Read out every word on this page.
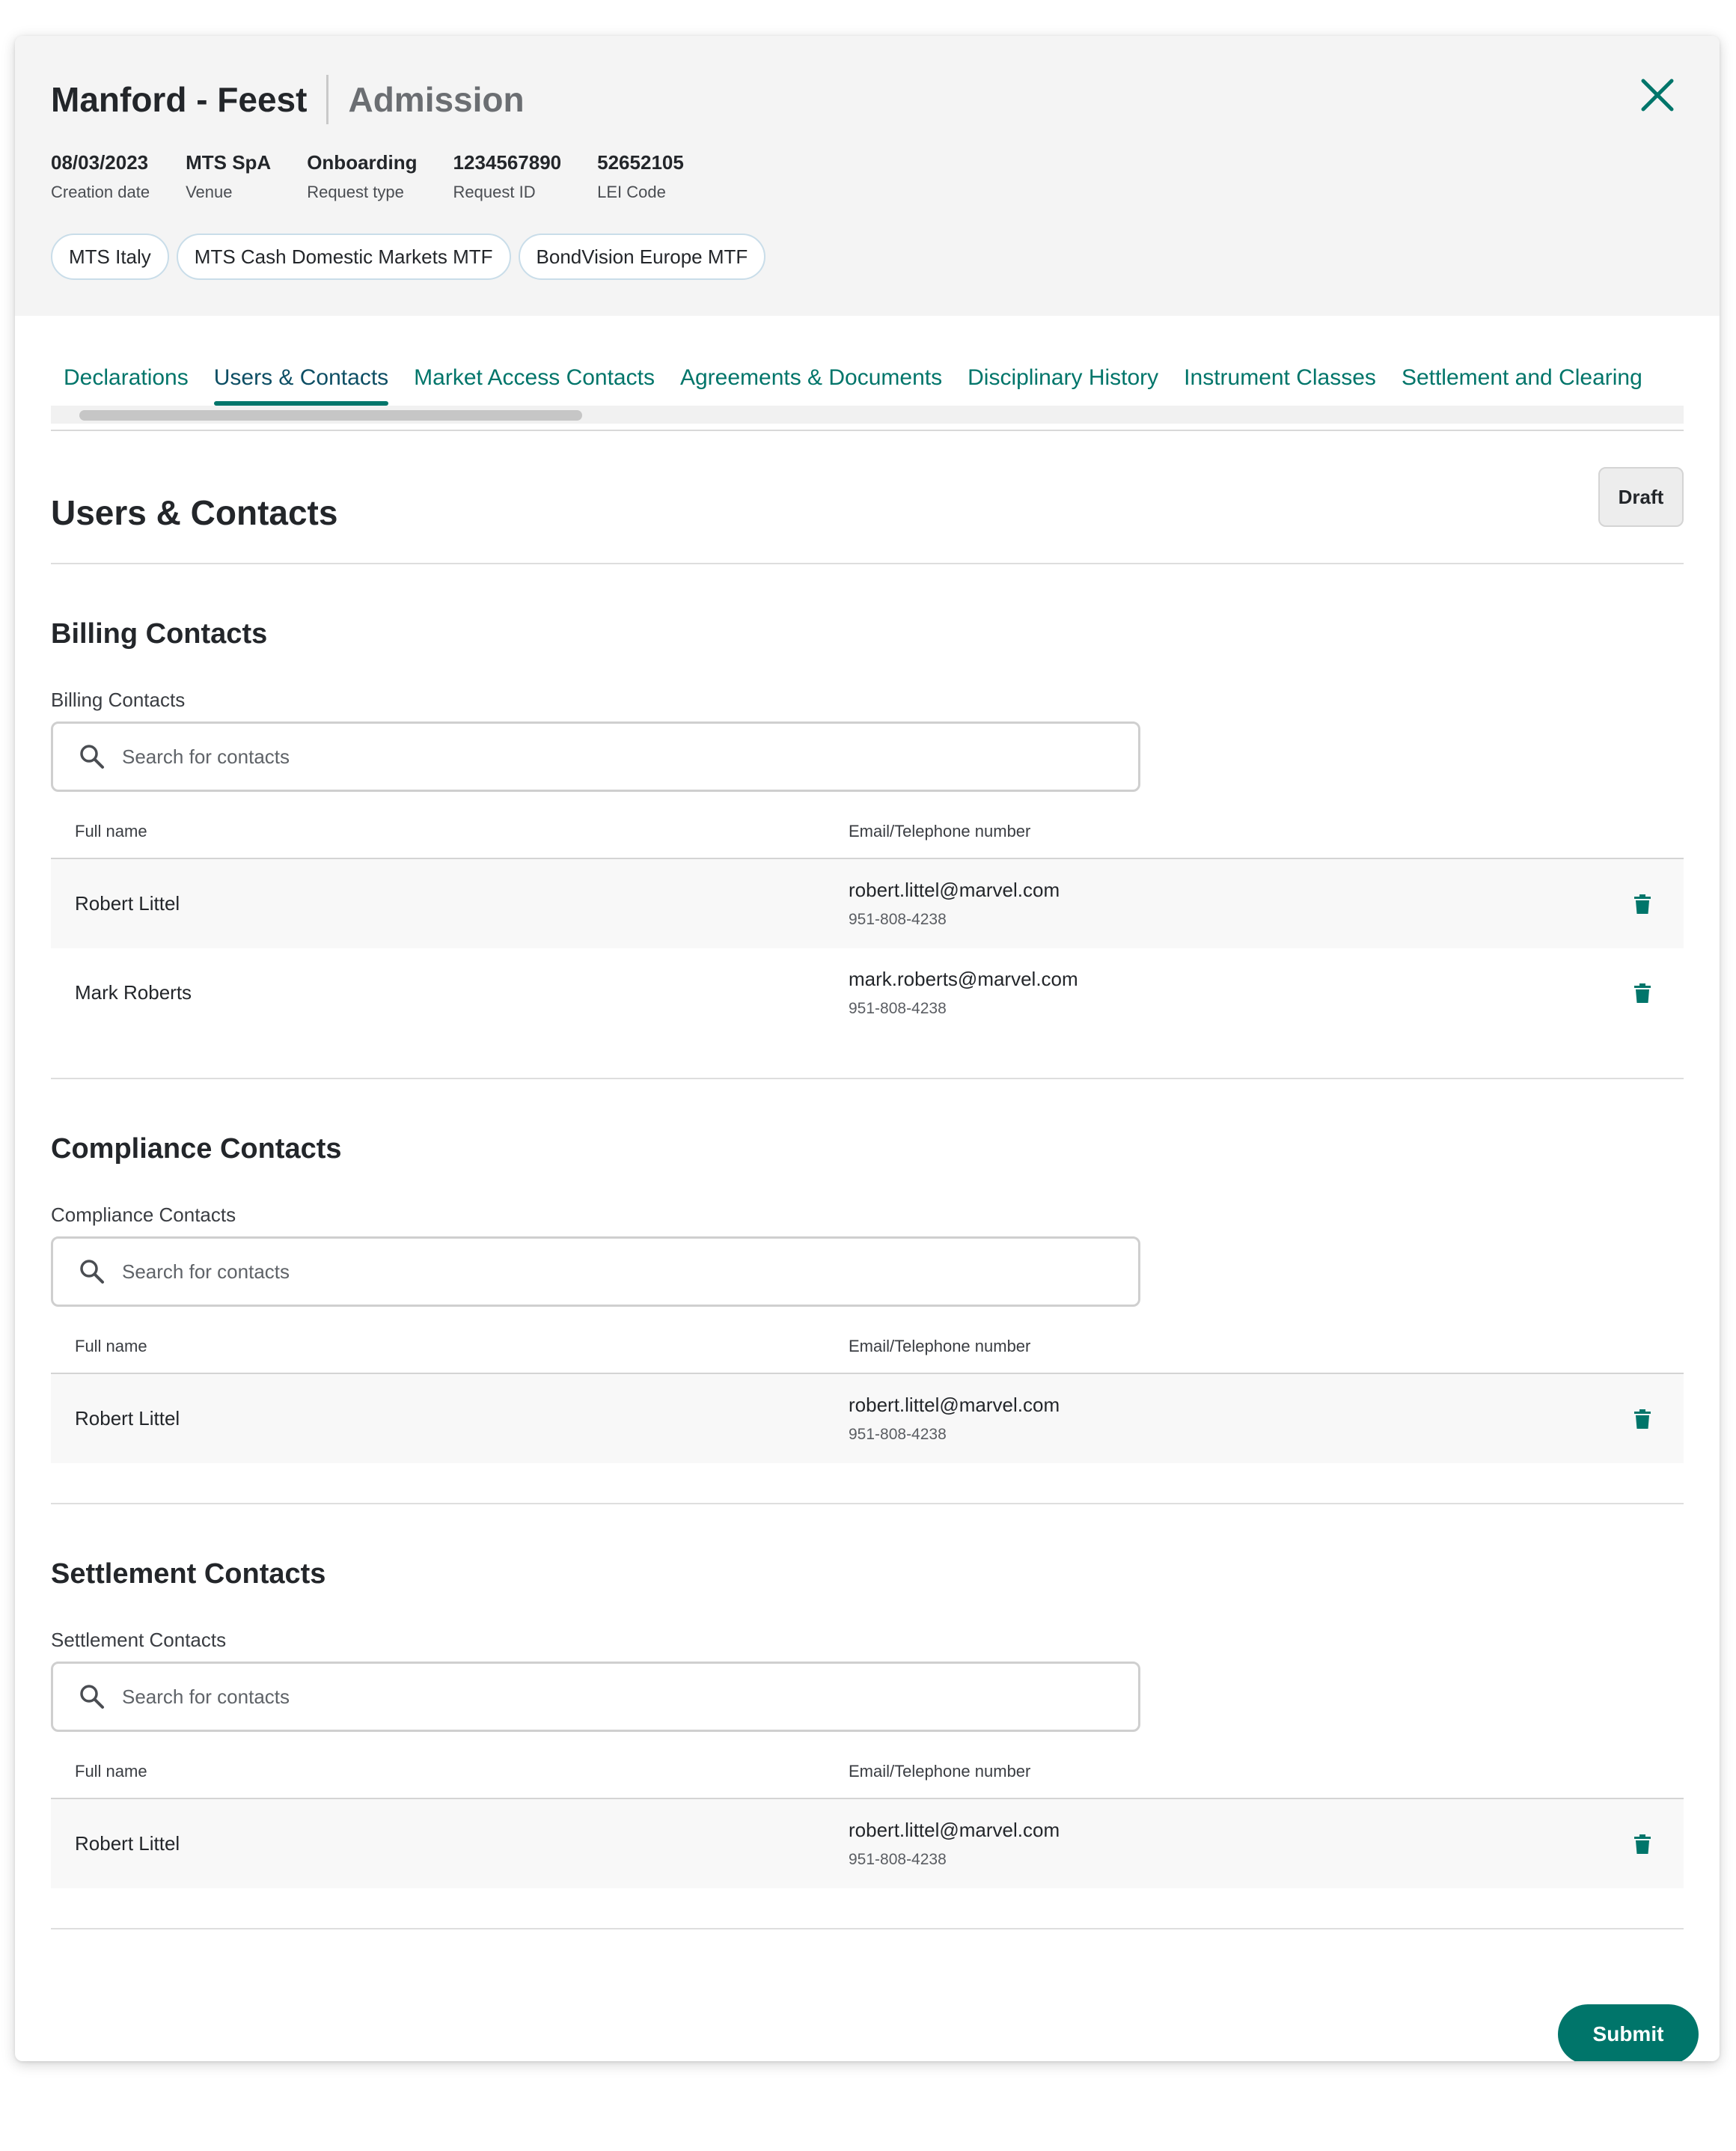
Manford - Feest Admission
08/03/2023
Creation date
MTS SpA
Venue
Onboarding
Request type
1234567890
Request ID
52652105
LEI Code
MTS Italy	MTS Cash Domestic Markets MTF	BondVision Europe MTF
Declarations	Users & Contacts	Market Access Contacts	Agreements & Documents	Disciplinary History	Instrument Classes	Settlement and Clearing
Users & Contacts	Draft
Billing Contacts
Billing Contacts
Search for contacts
Full name	Email/Telephone number
Robert Littel
robert.littel@marvel.com
951-808-4238
Mark Roberts
mark.roberts@marvel.com
951-808-4238
Compliance Contacts
Compliance Contacts
Search for contacts
Full name	Email/Telephone number
Robert Littel
robert.littel@marvel.com
951-808-4238
Settlement Contacts
Settlement Contacts
Search for contacts
Full name	Email/Telephone number
Robert Littel
robert.littel@marvel.com
951-808-4238
Submit
